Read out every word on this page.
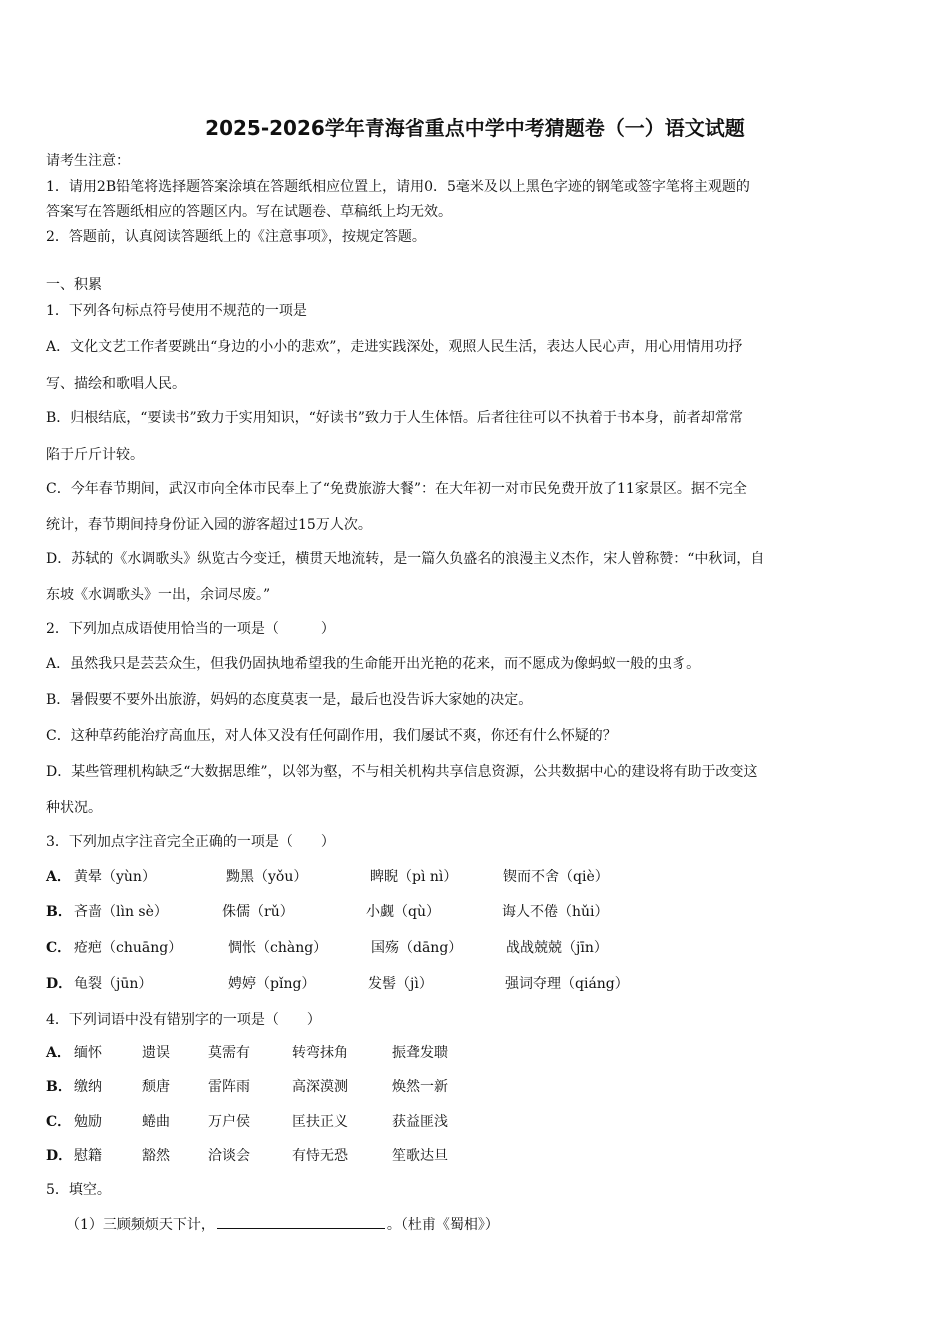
2025-2026学年青海省重点中学中考猜题卷（一）语文试题
请考生注意：
1．请用2B铅笔将选择题答案涂填在答题纸相应位置上，请用0．5毫米及以上黑色字迹的钢笔或签字笔将主观题的
答案写在答题纸相应的答题区内。写在试题卷、草稿纸上均无效。
2．答题前，认真阅读答题纸上的《注意事项》，按规定答题。
一、积累
1．下列各句标点符号使用不规范的一项是
A．文化文艺工作者要跳出“身边的小小的悲欢”，走进实践深处，观照人民生活，表达人民心声，用心用情用功抒
写、描绘和歌唱人民。
B．归根结底，“要读书”致力于实用知识，“好读书”致力于人生体悟。后者往往可以不执着于书本身，前者却常常
陷于斤斤计较。
C．今年春节期间，武汉市向全体市民奉上了“免费旅游大餐”：在大年初一对市民免费开放了11家景区。据不完全
统计，春节期间持身份证入园的游客超过15万人次。
D．苏轼的《水调歌头》纵览古今变迁，横贯天地流转，是一篇久负盛名的浪漫主义杰作，宋人曾称赞：“中秋词，自
东坡《水调歌头》一出，余词尽废。”
2．下列加点成语使用恰当的一项是（　　　）
A．虽然我只是芸芸众生，但我仍固执地希望我的生命能开出光艳的花来，而不愿成为像蚂蚁一般的虫豸。
B．暑假要不要外出旅游，妈妈的态度莫衷一是，最后也没告诉大家她的决定。
C．这种草药能治疗高血压，对人体又没有任何副作用，我们屡试不爽，你还有什么怀疑的？
D．某些管理机构缺乏“大数据思维”，以邻为壑，不与相关机构共享信息资源，公共数据中心的建设将有助于改变这
种状况。
3．下列加点字注音完全正确的一项是（　　）
A． 黄晕（yùn）	黝黑（yǒu）	睥睨（pì nì）	锲而不舍（qiè）
B． 吝啬（lìn sè）	侏儒（rǔ）	小觑（qù）	诲人不倦（hǔi）
C． 疮疤（chuāng）	惆怅（chàng）	国殇（dāng）	战战兢兢（jīn）
D． 龟裂（jūn）	娉婷（pǐng）	发髻（jì）	强词夺理（qiáng）
4．下列词语中没有错别字的一项是（　　）
A． 缅怀	遗误	莫需有	转弯抹角	振聋发聩
B． 缴纳	颓唐	雷阵雨	高深漠测	焕然一新
C． 勉励	蜷曲	万户侯	匡扶正义	获益匪浅
D． 慰籍	豁然	洽谈会	有恃无恐	笙歌达旦
5．填空。
（1）三顾频烦天下计，	。（杜甫《蜀相》）
